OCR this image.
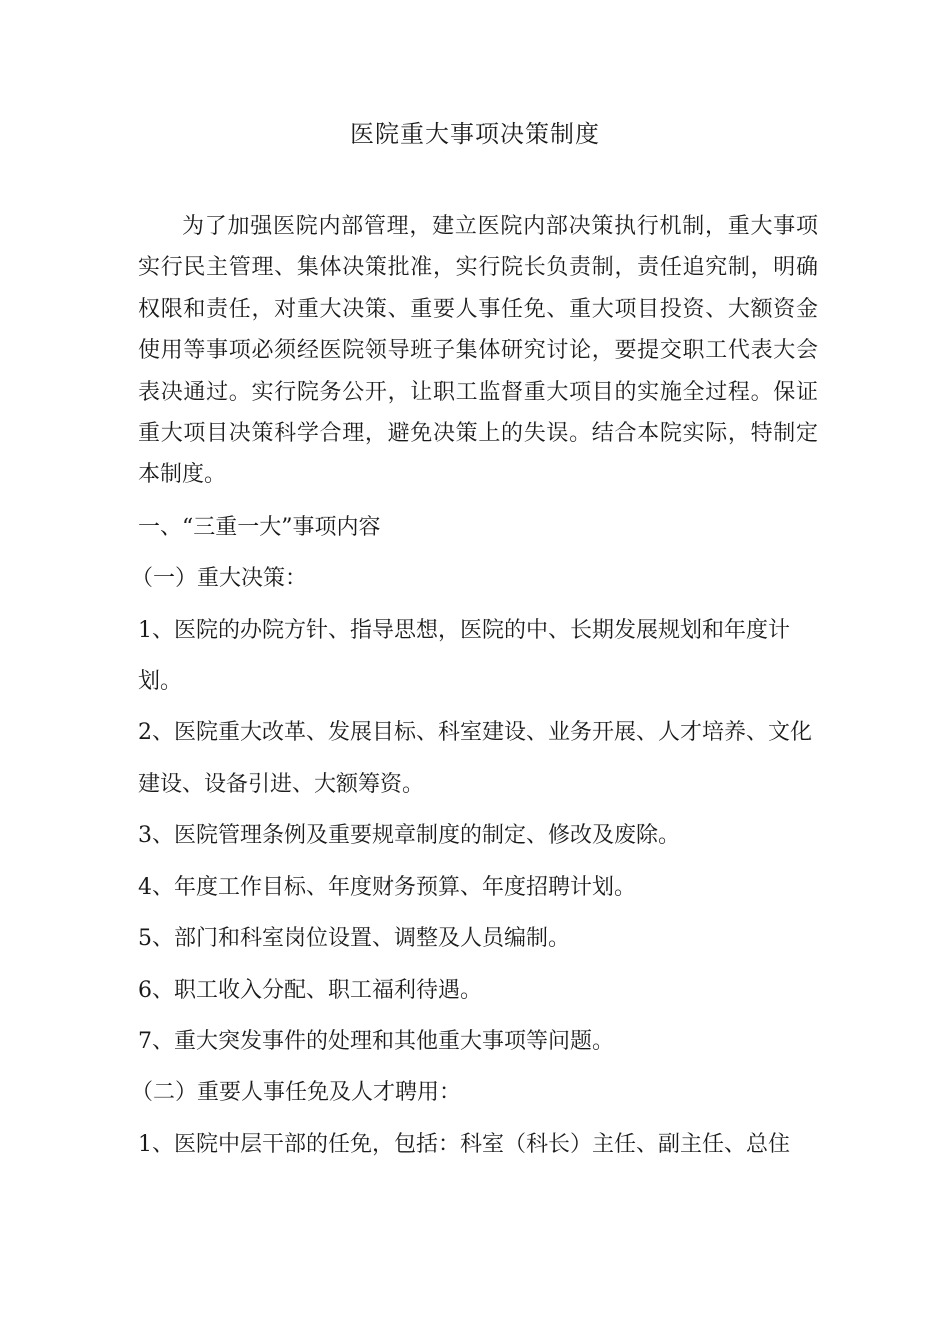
医院重大事项决策制度

为了加强医院内部管理，建立医院内部决策执行机制，重大事项实行民主管理、集体决策批准，实行院长负责制，责任追究制，明确权限和责任，对重大决策、重要人事任免、重大项目投资、大额资金使用等事项必须经医院领导班子集体研究讨论，要提交职工代表大会表决通过。实行院务公开，让职工监督重大项目的实施全过程。保证重大项目决策科学合理，避免决策上的失误。结合本院实际，特制定本制度。

一、“三重一大”事项内容

（一）重大决策：

1、医院的办院方针、指导思想，医院的中、长期发展规划和年度计划。

2、医院重大改革、发展目标、科室建设、业务开展、人才培养、文化建设、设备引进、大额筹资。

3、医院管理条例及重要规章制度的制定、修改及废除。

4、年度工作目标、年度财务预算、年度招聘计划。

5、部门和科室岗位设置、调整及人员编制。

6、职工收入分配、职工福利待遇。

7、重大突发事件的处理和其他重大事项等问题。

（二）重要人事任免及人才聘用：

1、医院中层干部的任免，包括：科室（科长）主任、副主任、总住
